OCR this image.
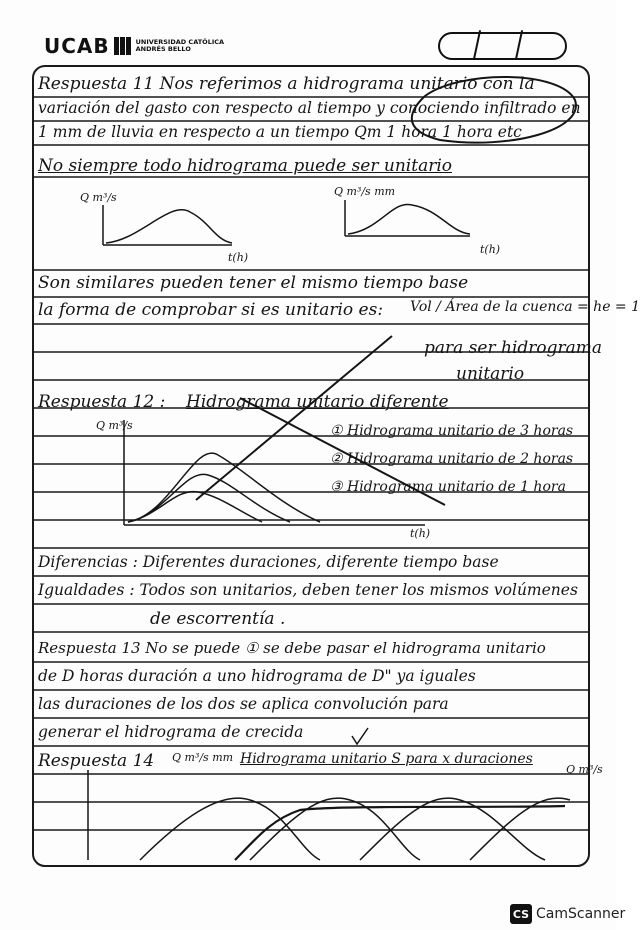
UCAB	UNIVERSIDAD CATÓLICA
ANDRÉS BELLO
Respuesta 11 Nos referimos a hidrograma unitario con la
variación del gasto con respecto al tiempo y conociendo infiltrado en
1 mm de lluvia en respecto a un tiempo Qm 1 hora 1 hora etc
No siempre todo hidrograma puede ser unitario
Q m³/s
t(h)
Q m³/s mm
t(h)
Son similares pueden tener el mismo tiempo base
la forma de comprobar si es unitario es: Vol / Área de la cuenca = he = 1
para ser hidrograma
unitario
Respuesta 12 : Hidrograma unitario diferente
Q m³/s	① Hidrograma unitario de 3 horas
② Hidrograma unitario de 2 horas
③ Hidrograma unitario de 1 hora
t(h)
Diferencias : Diferentes duraciones, diferente tiempo base
Igualdades : Todos son unitarios, deben tener los mismos volúmenes
de escorrentía .
Respuesta 13 No se puede ① se debe pasar el hidrograma unitario
de D horas duración a uno hidrograma de D" ya iguales
las duraciones de los dos se aplica convolución para
generar el hidrograma de crecida
Respuesta 14 Q m³/s mm Hidrograma unitario S para x duraciones
Q m³/s
CS CamScanner
